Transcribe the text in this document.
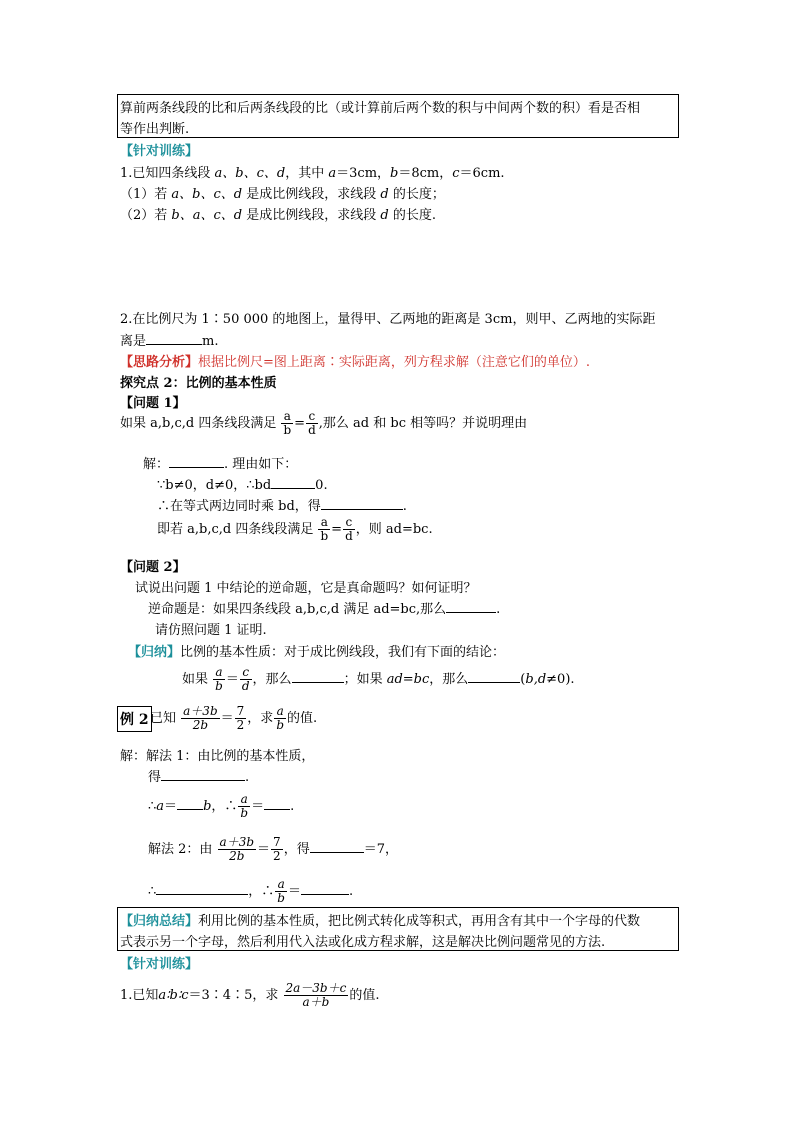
算前两条线段的比和后两条线段的比（或计算前后两个数的积与中间两个数的积）看是否相
等作出判断.
【针对训练】
1.已知四条线段 a、b、c、d，其中 a＝3cm，b＝8cm，c＝6cm.
（1）若 a、b、c、d 是成比例线段，求线段 d 的长度；
（2）若 b、a、c、d 是成比例线段，求线段 d 的长度.
2.在比例尺为 1∶50 000 的地图上，量得甲、乙两地的距离是 3cm，则甲、乙两地的实际距
离是	m.
【思路分析】根据比例尺=图上距离∶实际距离，列方程求解（注意它们的单位）.
探究点 2：比例的基本性质
【问题 1】
如果 a,b,c,d 四条线段满足 $\frac{a}{b} = \frac{c}{d}$ ,那么 ad 和 bc 相等吗？并说明理由
解：	. 理由如下：
∵b≠0，d≠0，∴bd	0.
∴在等式两边同时乘 bd，得	.
即若 a,b,c,d 四条线段满足 $\frac{a}{b} = \frac{c}{d}$ ，则 ad=bc.
【问题 2】
试说出问题 1 中结论的逆命题，它是真命题吗？如何证明？
逆命题是：如果四条线段 a,b,c,d 满足 ad=bc,那么	.
请仿照问题 1 证明.
【归纳】比例的基本性质：对于成比例线段，我们有下面的结论：
如果 $\frac{a}{b} = \frac{c}{d}$ ，那么	；如果 ad=bc，那么	(b,d≠0).
例 2 已知 $\frac{a+3b}{2b} = \frac{7}{2}$ ，求 $\frac{a}{b}$ 的值.
解：解法 1：由比例的基本性质，
得	.
∴a＝ b，∴ $\frac{a}{b}$ ＝ .
解法 2：由 $\frac{a+3b}{2b} = \frac{7}{2}$ ，得	＝7，
∴	，∴ $\frac{a}{b}$ ＝	.
【归纳总结】利用比例的基本性质，把比例式转化成等积式，再用含有其中一个字母的代数
式表示另一个字母，然后利用代入法或化成方程求解，这是解决比例问题常见的方法.
【针对训练】
1.已知a∶b∶c＝3∶4∶5，求 $\frac{2a-3b+c}{a+b}$ 的值.
